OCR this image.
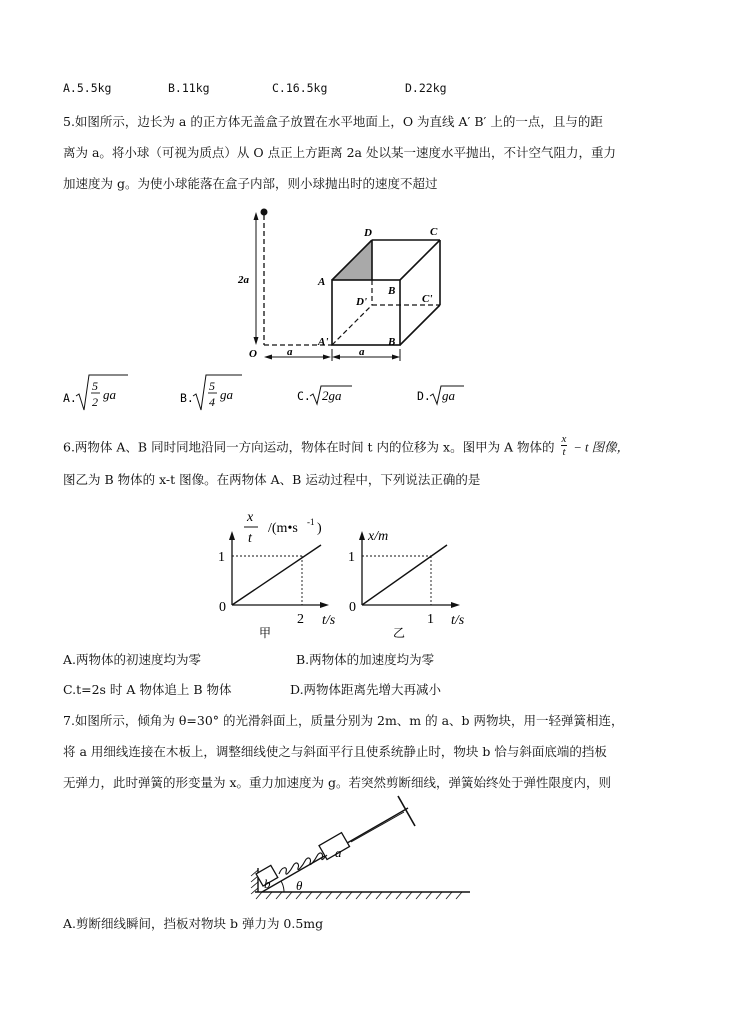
A.5.5kg	B.11kg	C.16.5kg	D.22kg
5.如图所示，边长为 a 的正方体无盖盒子放置在水平地面上，O 为直线 A′ B′ 上的一点，且与的距
离为 a。将小球（可视为质点）从 O 点正上方距离 2a 处以某一速度水平抛出，不计空气阻力，重力
加速度为 g。为使小球能落在盒子内部，则小球抛出时的速度不超过
D	C
A
B
D'	C'
A'	B
O	a	a
2a
A.
5
2 ga	B.
5
4 ga	C. 2ga	D. ga
6.两物体 A、B 同时同地沿同一方向运动，物体在时间 t 内的位移为 x。图甲为 A 物体的 $\frac{x}{t} - t$ 图像，
图乙为 B 物体的 x-t 图像。在两物体 A、B 运动过程中，下列说法正确的是
x
t
/(m•s -1 )
1
0
2 t/s
甲
x/m
1
0
1 t/s
乙
A.两物体的初速度均为零	B.两物体的加速度均为零
C.t=2s 时 A 物体追上 B 物体	D.两物体距离先增大再减小
7.如图所示，倾角为 θ=30° 的光滑斜面上，质量分别为 2m、m 的 a、b 两物块，用一轻弹簧相连，
将 a 用细线连接在木板上，调整细线使之与斜面平行且使系统静止时，物块 b 恰与斜面底端的挡板
无弹力，此时弹簧的形变量为 x。重力加速度为 g。若突然剪断细线，弹簧始终处于弹性限度内，则
a
b θ
A.剪断细线瞬间，挡板对物块 b 弹力为 0.5mg
